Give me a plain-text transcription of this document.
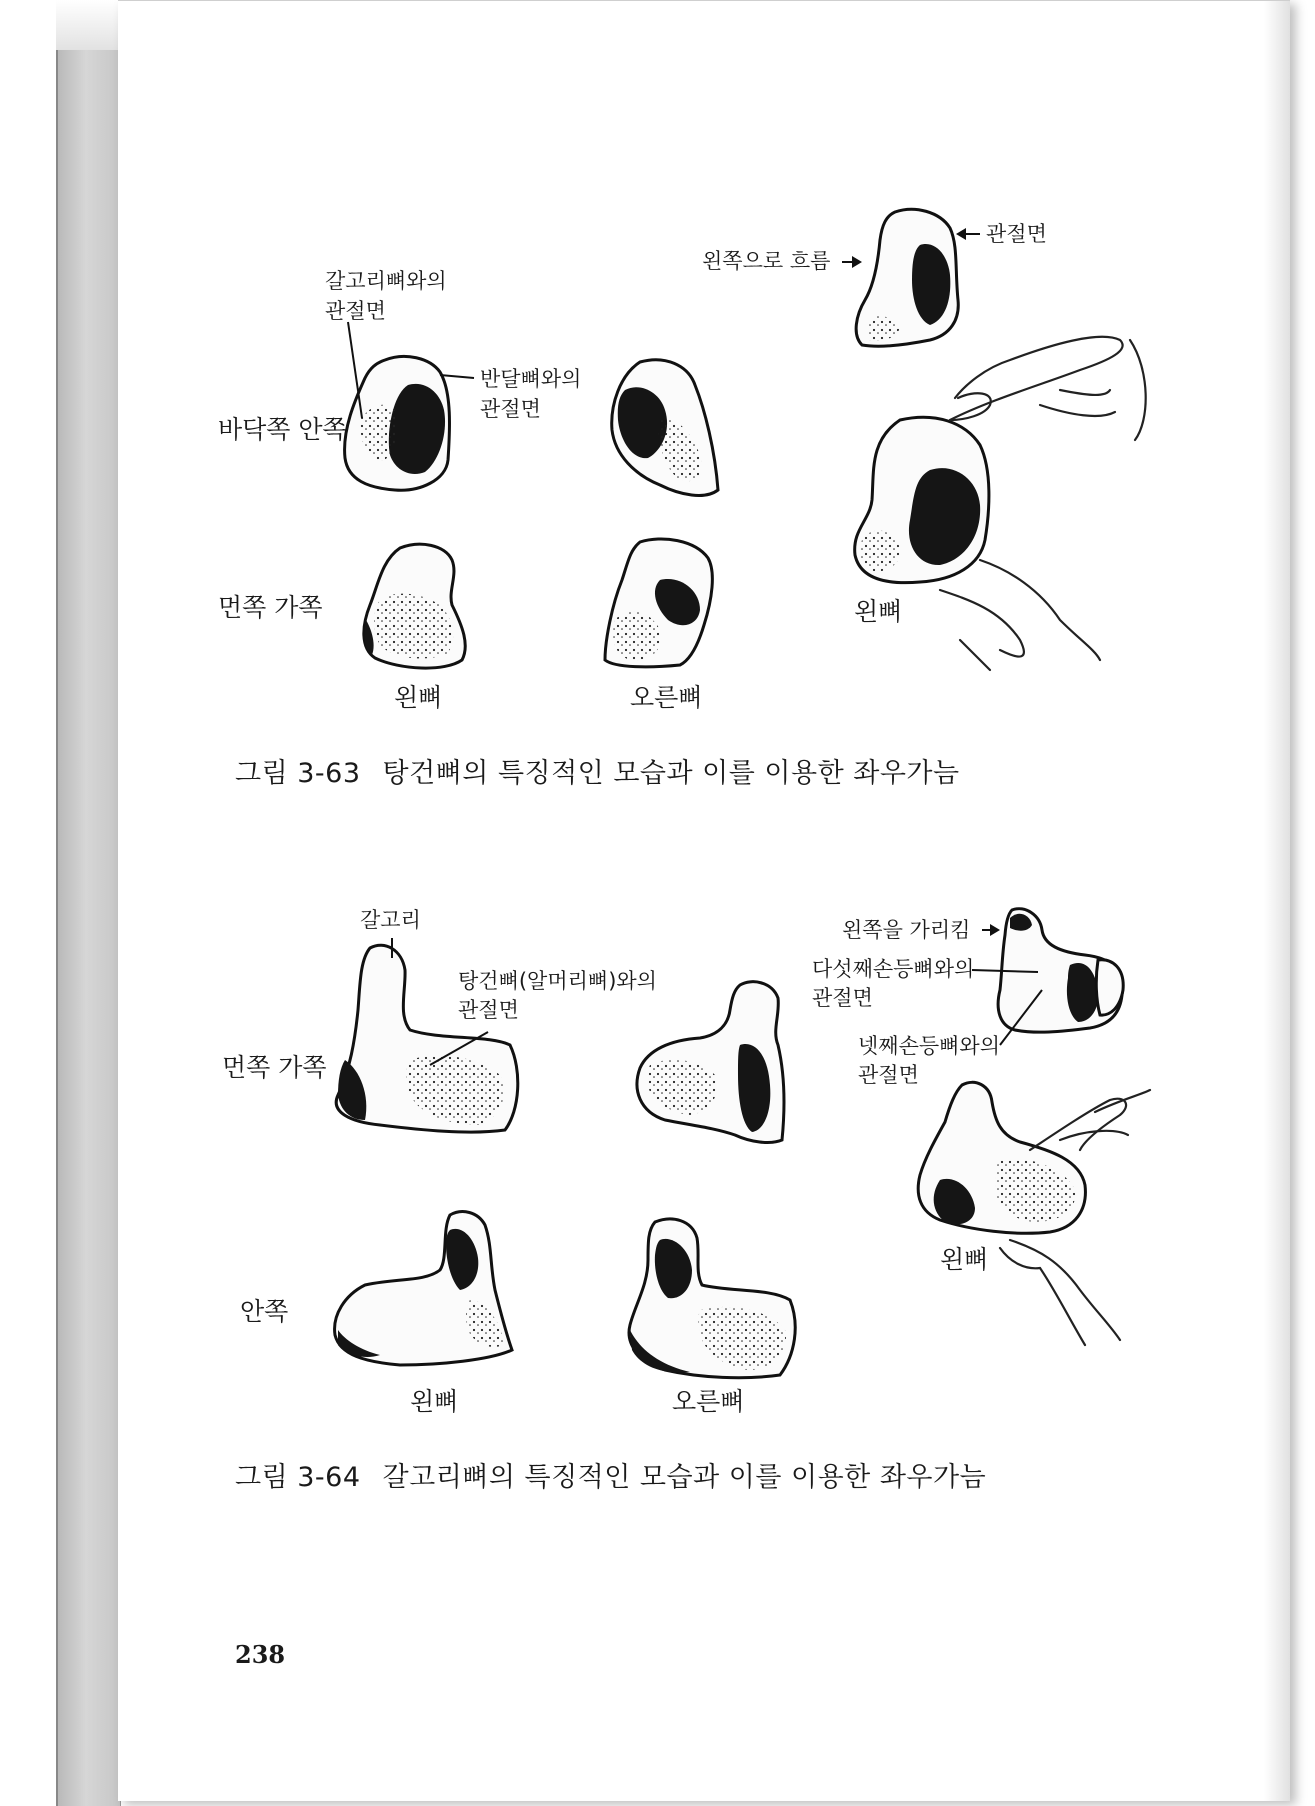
갈고리뼈와의
관절면
반달뼈와의
관절면
바닥쪽 안쪽
먼쪽 가쪽
왼뼈	오른뼈
왼쪽으로 흐름
관절면
왼뼈
그림 3-63 탕건뼈의 특징적인 모습과 이를 이용한 좌우가늠
갈고리
탕건뼈(알머리뼈)와의
관절면
먼쪽 가쪽
안쪽
왼뼈	오른뼈
왼쪽을 가리킴
다섯째손등뼈와의
관절면
넷째손등뼈와의
관절면
왼뼈
그림 3-64 갈고리뼈의 특징적인 모습과 이를 이용한 좌우가늠
238
